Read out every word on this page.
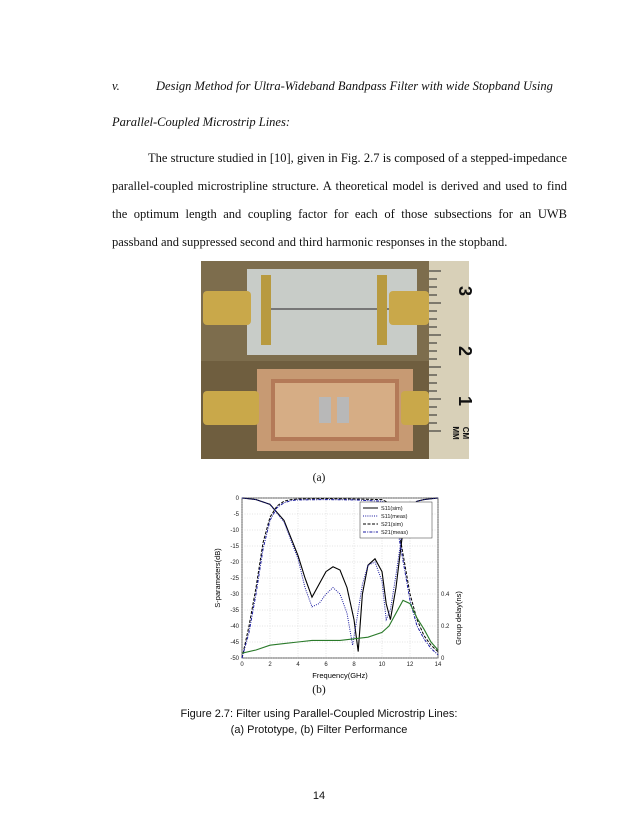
v.	Design Method for Ultra-Wideband Bandpass Filter with wide Stopband Using
Parallel-Coupled Microstrip Lines:
The structure studied in [10], given in Fig. 2.7 is composed of a stepped-impedance parallel-coupled microstripline structure. A theoretical model is derived and used to find the optimum length and coupling factor for each of those subsections for an UWB passband and suppressed second and third harmonic responses in the stopband.
3
2
1
MM CM
(a)
0	2	4	6	8	10	12	14
0
-5
-10
-15
-20
-25
-30
-35
-40
-45
-50	0
0.2
0.4
S11(sim)
S11(meas)
S21(sim)
S21(meas)
Frequency(GHz)
S-parameters(dB)
Group delay(ns)
(b)
Figure 2.7: Filter using Parallel-Coupled Microstrip Lines:
(a) Prototype, (b) Filter Performance
14
